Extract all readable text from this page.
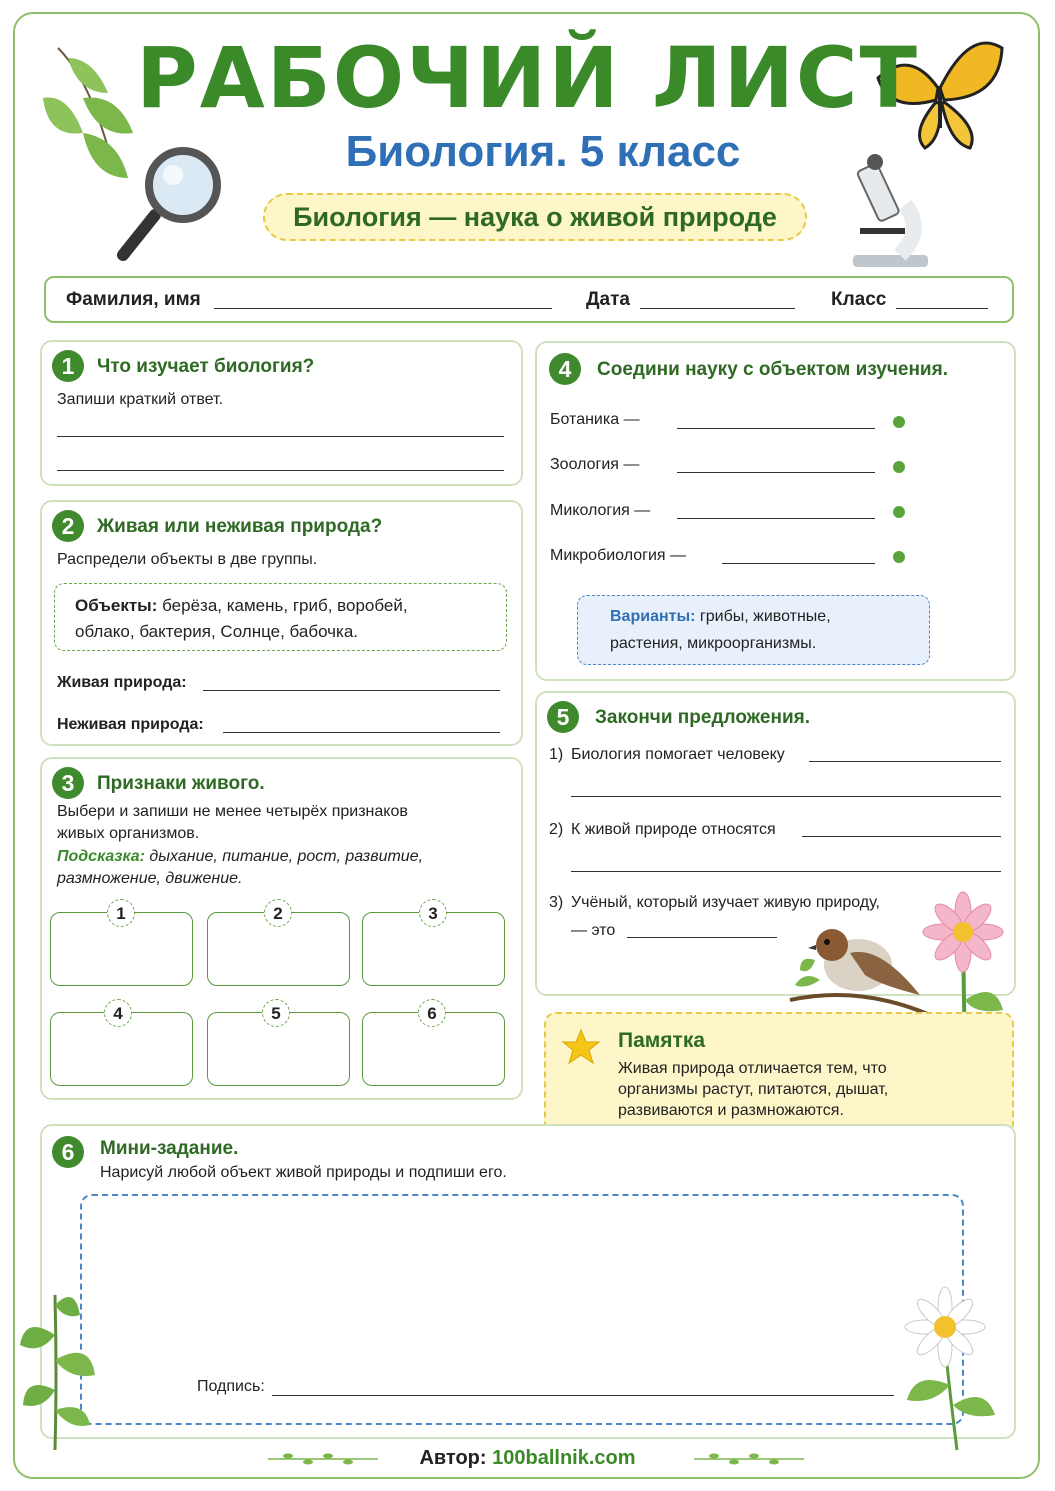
РАБОЧИЙ ЛИСТ
Биология. 5 класс
Биология — наука о живой природе
Фамилия, имя	Дата	Класс
1	Что изучает биология?
Запиши краткий ответ.
2	Живая или неживая природа?
Распредели объекты в две группы.
Объекты: берёза, камень, гриб, воробей,
облако, бактерия, Солнце, бабочка.
Живая природа:
Неживая природа:
3	Признаки живого.
Выбери и запиши не менее четырёх признаков
живых организмов.
Подсказка: дыхание, питание, рост, развитие,
размножение, движение.
1	2	3
4	5	6
4	Соедини науку с объектом изучения.
Ботаника —
Зоология —
Микология —
Микробиология —
Варианты: грибы, животные,
растения, микроорганизмы.
5	Закончи предложения.
1) Биология помогает человеку
2) К живой природе относятся
3) Учёный, который изучает живую природу,
— это
Памятка
Живая природа отличается тем, что
организмы растут, питаются, дышат,
развиваются и размножаются.
6	Мини-задание.
Нарисуй любой объект живой природы и подпиши его.
Подпись:
Автор: 100ballnik.com
